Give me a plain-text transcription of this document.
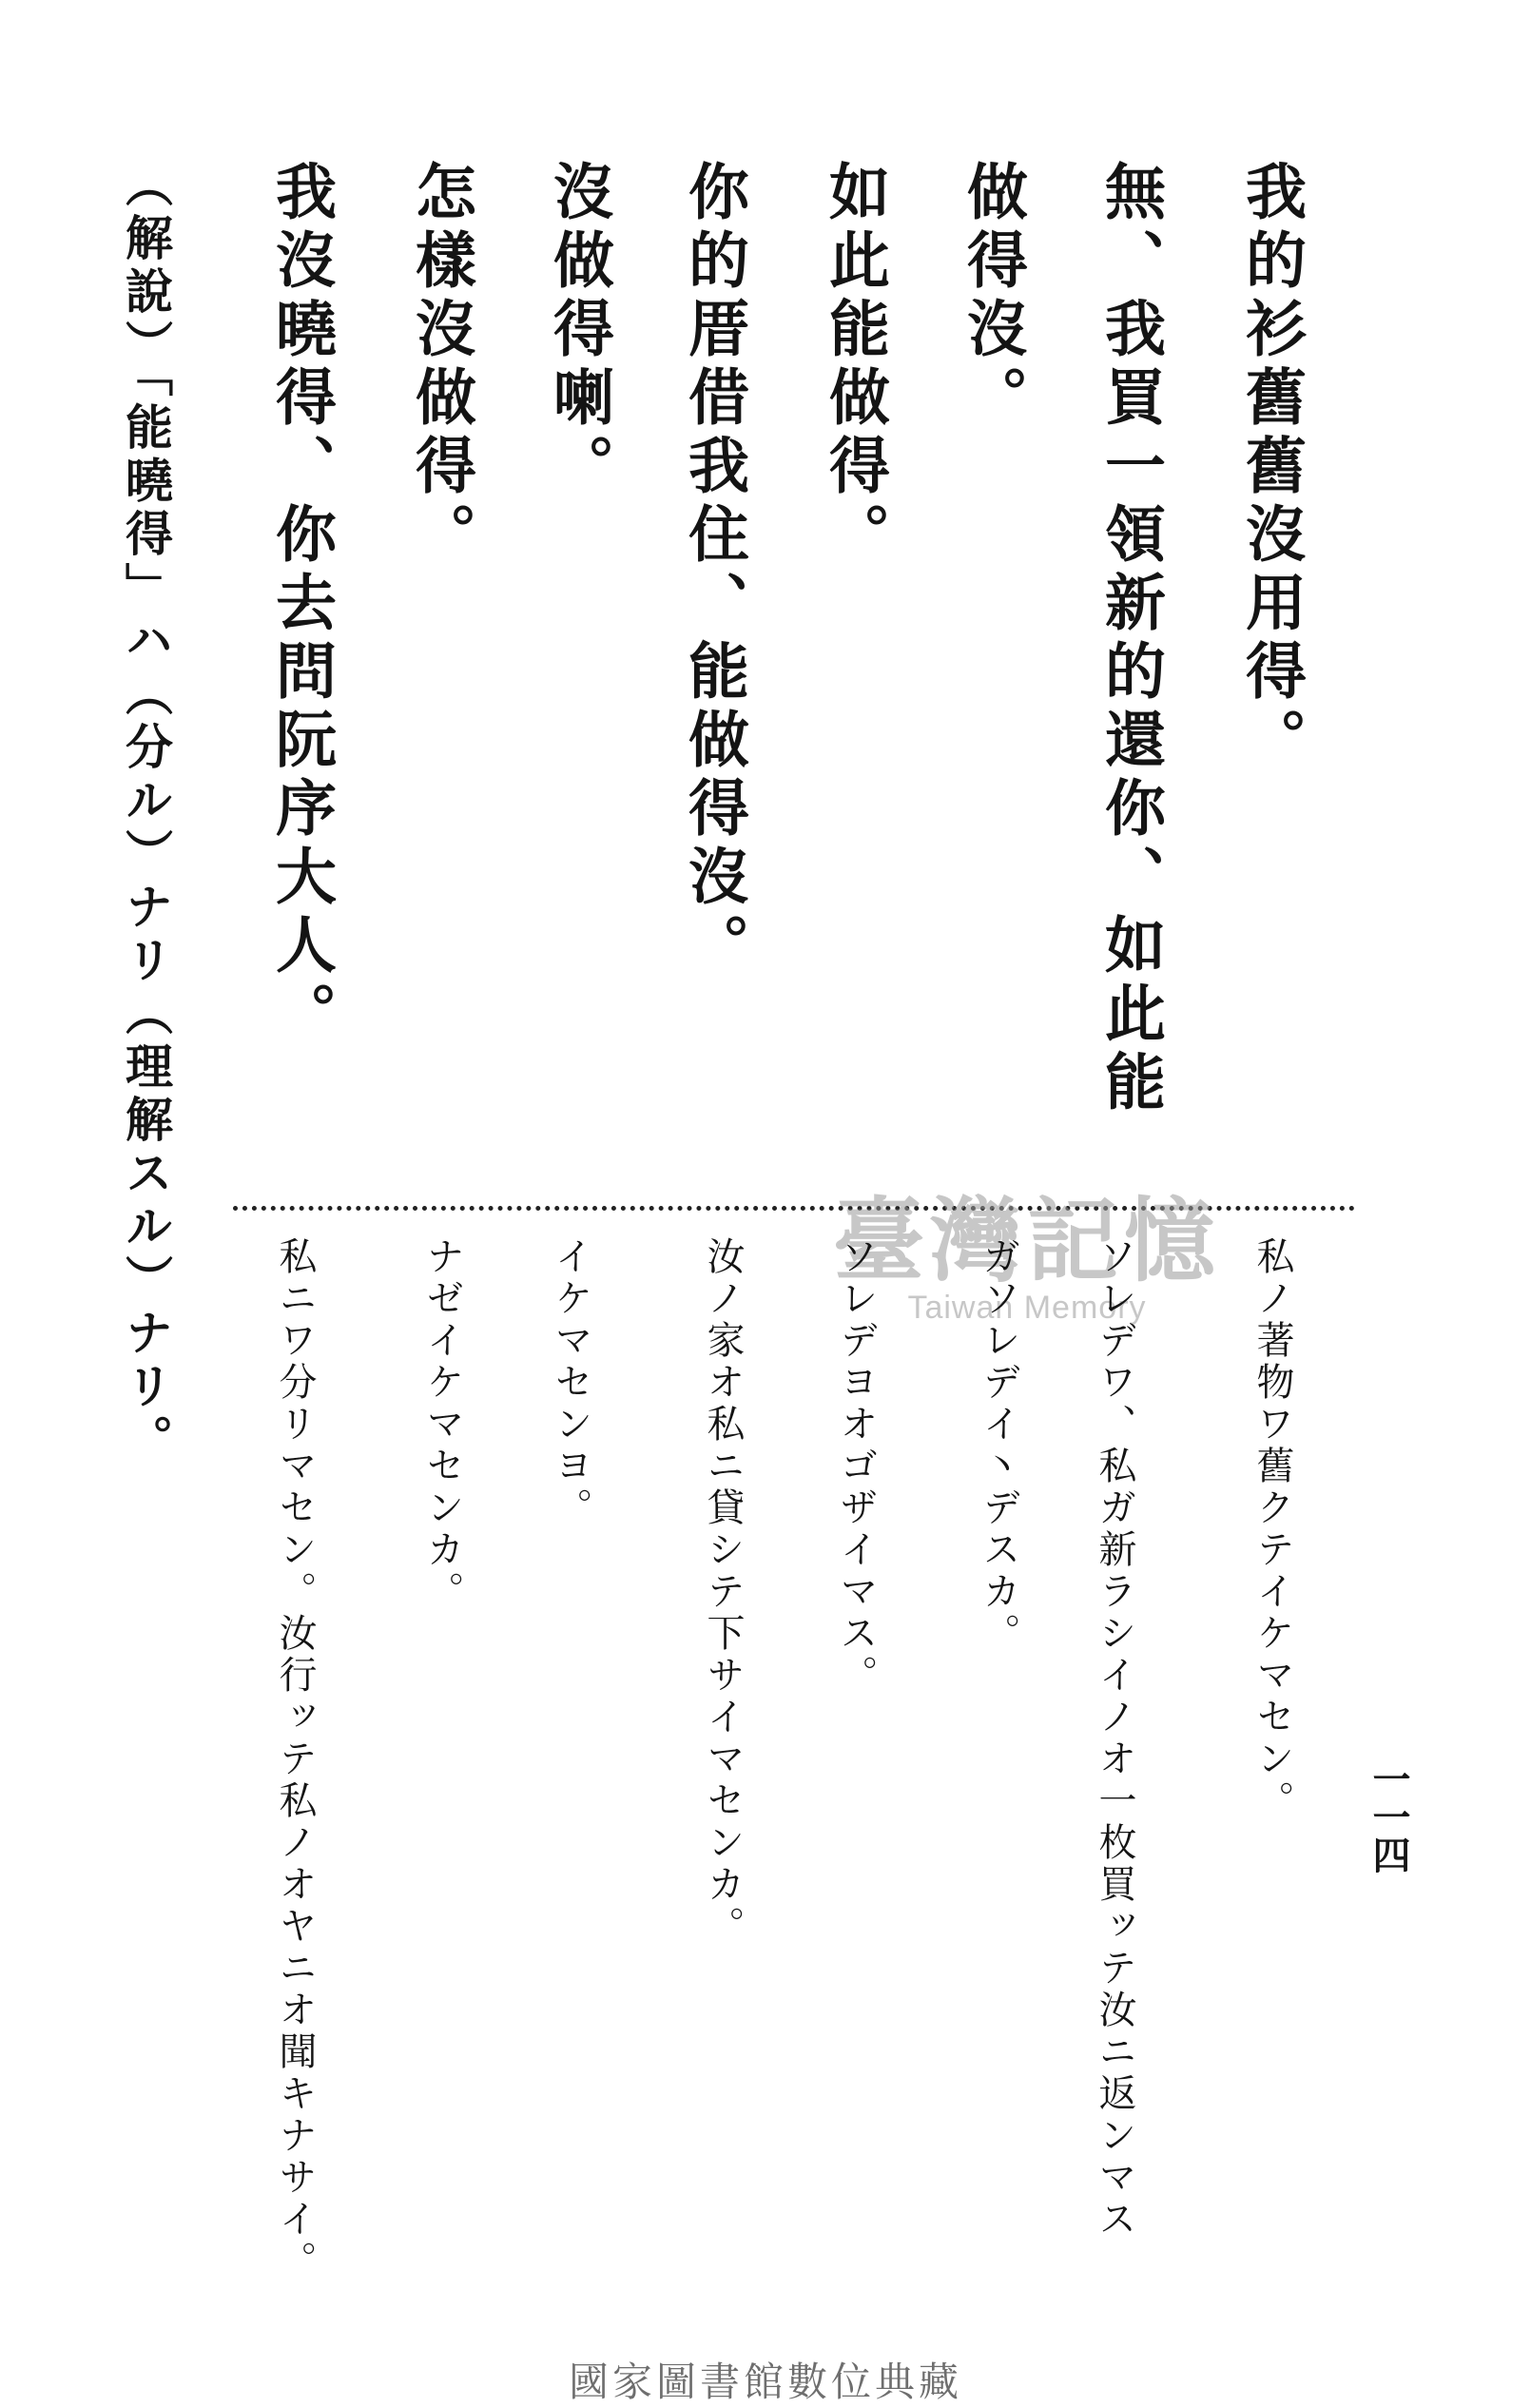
一一四
我的衫舊舊沒用得。
無、我買一領新的還你、如此能
做得沒。
如此能做得。
你的厝借我住、能做得沒。
沒做得喇。
怎樣沒做得。
我沒曉得、你去問阮序大人。
（解說）「能曉得」ハ（分ル）ナリ（理解スル）ナリ。	臺灣記憶
Taiwan Memory	私ノ著物ワ舊クテイケマセン。
ソレデワ、私ガ新ラシイノオ一枚買ッテ汝ニ返ンマス
ガソレデイ丶デスカ。
ソレデヨオゴザイマス。
汝ノ家オ私ニ貸シテ下サイマセンカ。
イケマセンヨ。
ナゼイケマセンカ。
私ニワ分リマセン。汝行ッテ私ノオヤニオ聞キナサイ。
國家圖書館數位典藏
